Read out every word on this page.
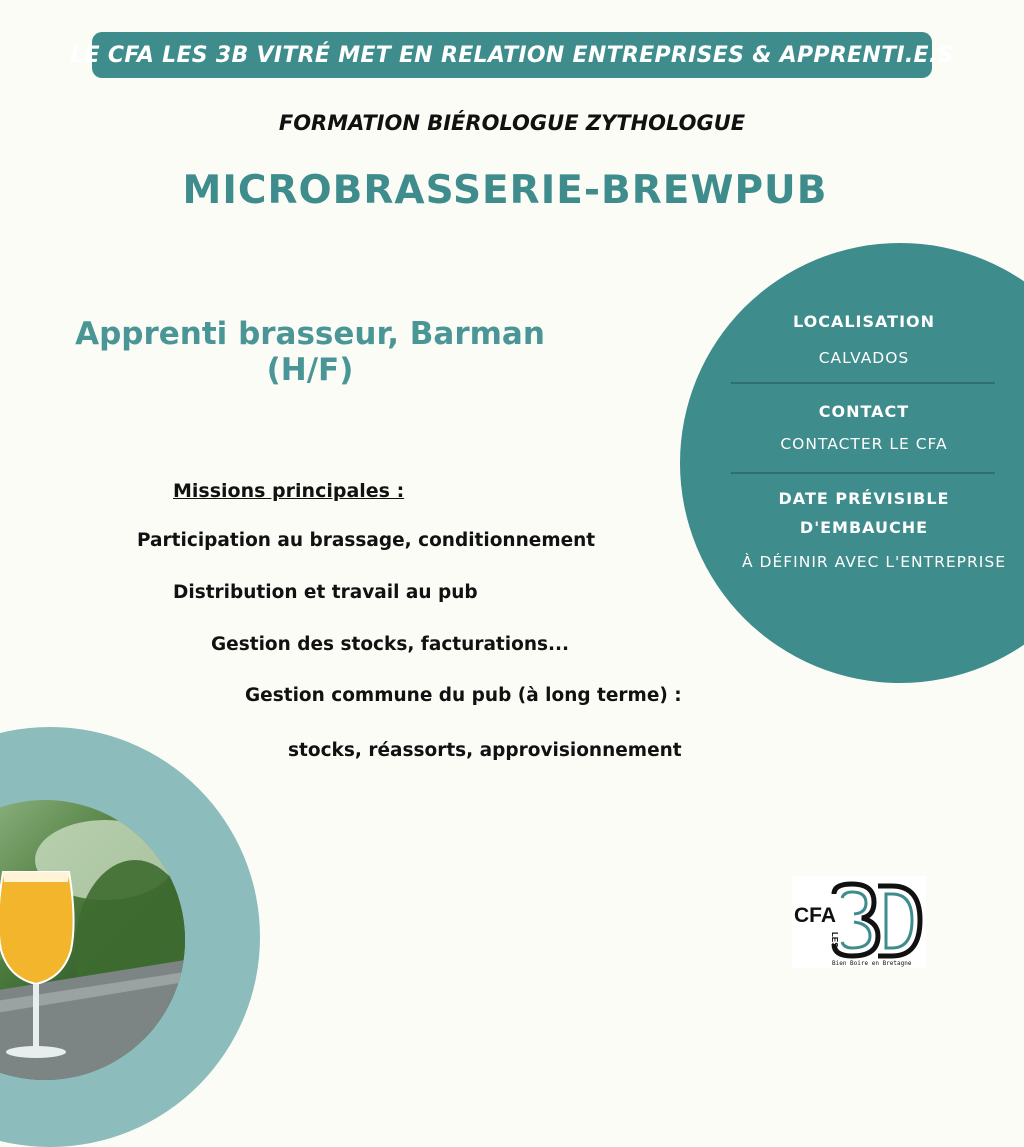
LE CFA LES 3B VITRÉ MET EN RELATION ENTREPRISES & APPRENTI.E.S
FORMATION BIÉROLOGUE ZYTHOLOGUE
MICROBRASSERIE-BREWPUB
Apprenti brasseur, Barman
(H/F)
Missions principales :
Participation au brassage, conditionnement
Distribution et travail au pub
Gestion des stocks, facturations...
Gestion commune du pub (à long terme) :
stocks, réassorts, approvisionnement
LOCALISATION
CALVADOS
CONTACT
CONTACTER LE CFA
DATE PRÉVISIBLE
D'EMBAUCHE
À DÉFINIR AVEC L'ENTREPRISE
CFA
LES
Bien Boire en Bretagne
